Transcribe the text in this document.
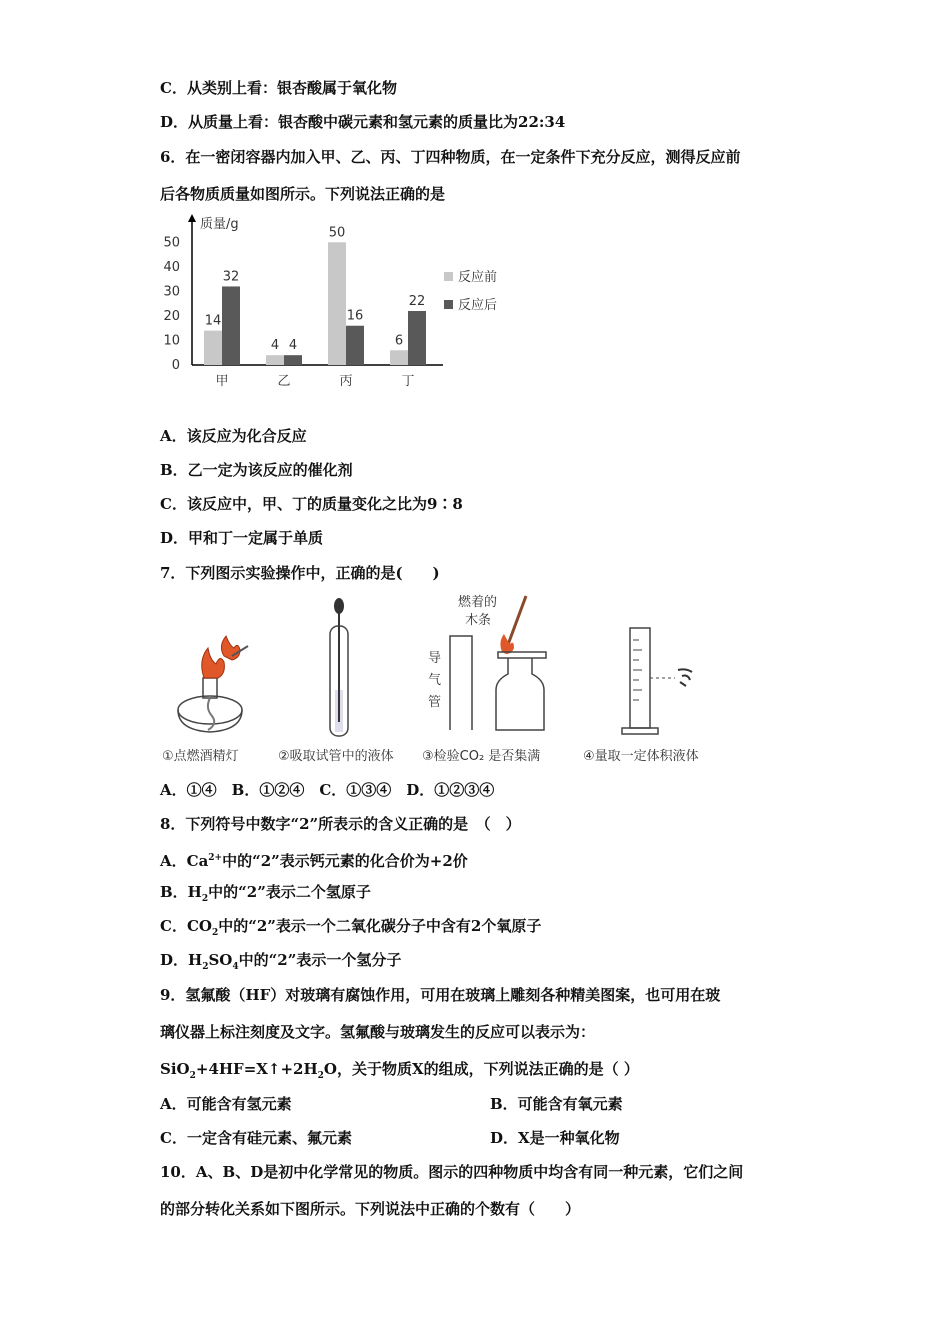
C．从类别上看：银杏酸属于氧化物
D．从质量上看：银杏酸中碳元素和氢元素的质量比为22:34
6．在一密闭容器内加入甲、乙、丙、丁四种物质，在一定条件下充分反应，测得反应前
后各物质质量如图所示。下列说法正确的是
质量/g
14
32
甲
4 4
乙
50
16
丙
6
22
丁
反应前
反应后
0
10
20
30
40
50
A．该反应为化合反应
B．乙一定为该反应的催化剂
C．该反应中，甲、丁的质量变化之比为9∶8
D．甲和丁一定属于单质
7．下列图示实验操作中，正确的是(　　)
燃着的
木条
导
气
管
①点燃酒精灯	②吸取试管中的液体 ③检验CO₂ 是否集满	④量取一定体积液体
A．①④　B．①②④　C．①③④　D．①②③④
8．下列符号中数字“2”所表示的含义正确的是　（　）
A．$Ca^{2+}$中的“2”表示钙元素的化合价为+2价
B．$H_2$中的“2”表示二个氢原子
C．$CO_2$中的“2”表示一个二氧化碳分子中含有2个氧原子
D．$H_2SO_4$中的“2”表示一个氢分子
9．氢氟酸（HF）对玻璃有腐蚀作用，可用在玻璃上雕刻各种精美图案，也可用在玻
璃仪器上标注刻度及文字。氢氟酸与玻璃发生的反应可以表示为：
$SiO_2+4HF=X↑+2H_2O$，关于物质X的组成，下列说法正确的是（ ）
A．可能含有氢元素	B．可能含有氧元素
C．一定含有硅元素、氟元素	D．X是一种氧化物
10．A、B、D是初中化学常见的物质。图示的四种物质中均含有同一种元素，它们之间
的部分转化关系如下图所示。下列说法中正确的个数有（　　）
